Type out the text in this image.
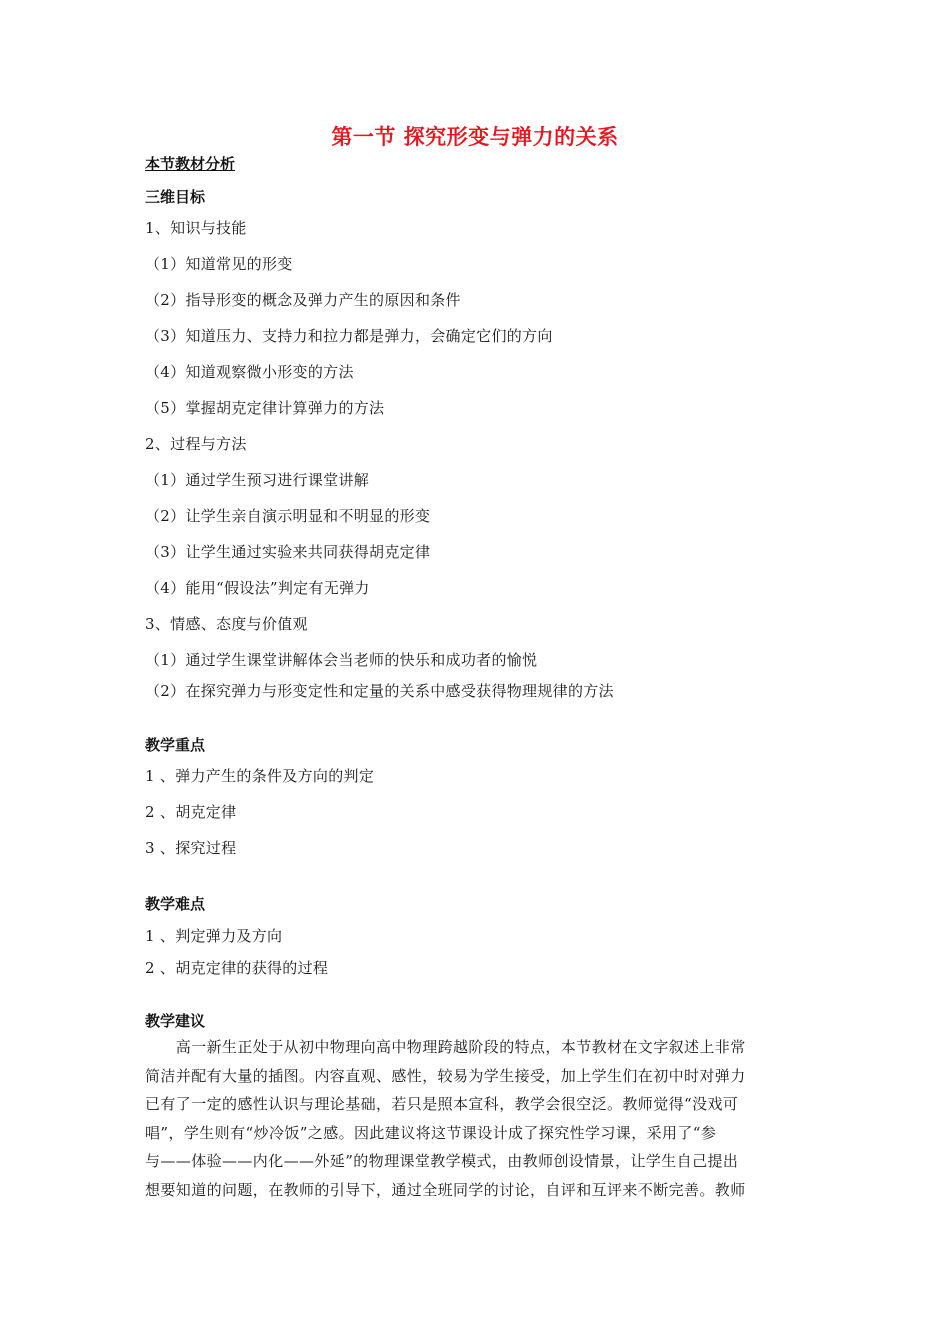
第一节 探究形变与弹力的关系
本节教材分析
三维目标
1、知识与技能
（1）知道常见的形变
（2）指导形变的概念及弹力产生的原因和条件
（3）知道压力、支持力和拉力都是弹力，会确定它们的方向
（4）知道观察微小形变的方法
（5）掌握胡克定律计算弹力的方法
2、过程与方法
（1）通过学生预习进行课堂讲解
（2）让学生亲自演示明显和不明显的形变
（3）让学生通过实验来共同获得胡克定律
（4）能用“假设法”判定有无弹力
3、情感、态度与价值观
（1）通过学生课堂讲解体会当老师的快乐和成功者的愉悦
（2）在探究弹力与形变定性和定量的关系中感受获得物理规律的方法
教学重点
1 、弹力产生的条件及方向的判定
2 、胡克定律
3 、探究过程
教学难点
1 、判定弹力及方向
2 、胡克定律的获得的过程
教学建议
　　高一新生正处于从初中物理向高中物理跨越阶段的特点，本节教材在文字叙述上非常
简洁并配有大量的插图。内容直观、感性，较易为学生接受，加上学生们在初中时对弹力
已有了一定的感性认识与理论基础，若只是照本宣科，教学会很空泛。教师觉得“没戏可
唱”，学生则有“炒冷饭”之感。因此建议将这节课设计成了探究性学习课，采用了“参
与——体验——内化——外延”的物理课堂教学模式，由教师创设情景，让学生自己提出
想要知道的问题，在教师的引导下，通过全班同学的讨论，自评和互评来不断完善。教师
